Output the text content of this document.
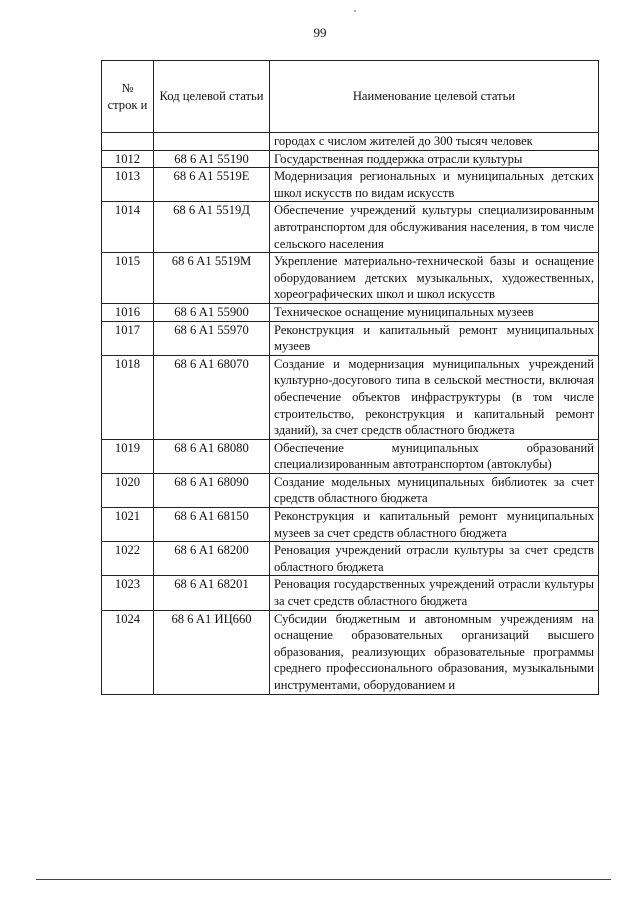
99
№ строк и	Код целевой статьи	Наименование целевой статьи
		городах с числом жителей до 300 тысяч человек
1012	68 6 A1 55190	Государственная поддержка отрасли культуры
1013	68 6 A1 5519E	Модернизация региональных и муниципальных детских школ искусств по видам искусств
1014	68 6 A1 5519Д	Обеспечение учреждений культуры специализированным автотранспортом для обслуживания населения, в том числе сельского населения
1015	68 6 A1 5519М	Укрепление материально-технической базы и оснащение оборудованием детских музыкальных, художественных, хореографических школ и школ искусств
1016	68 6 A1 55900	Техническое оснащение муниципальных музеев
1017	68 6 A1 55970	Реконструкция и капитальный ремонт муниципальных музеев
1018	68 6 A1 68070	Создание и модернизация муниципальных учреждений культурно-досугового типа в сельской местности, включая обеспечение объектов инфраструктуры (в том числе строительство, реконструкция и капитальный ремонт зданий), за счет средств областного бюджета
1019	68 6 A1 68080	Обеспечение муниципальных образований специализированным автотранспортом (автоклубы)
1020	68 6 A1 68090	Создание модельных муниципальных библиотек за счет средств областного бюджета
1021	68 6 A1 68150	Реконструкция и капитальный ремонт муниципальных музеев за счет средств областного бюджета
1022	68 6 A1 68200	Реновация учреждений отрасли культуры за счет средств областного бюджета
1023	68 6 A1 68201	Реновация государственных учреждений отрасли культуры за счет средств областного бюджета
1024	68 6 A1 ИЦ660	Субсидии бюджетным и автономным учреждениям на оснащение образовательных организаций высшего образования, реализующих образовательные программы среднего профессионального образования, музыкальными инструментами, оборудованием и
